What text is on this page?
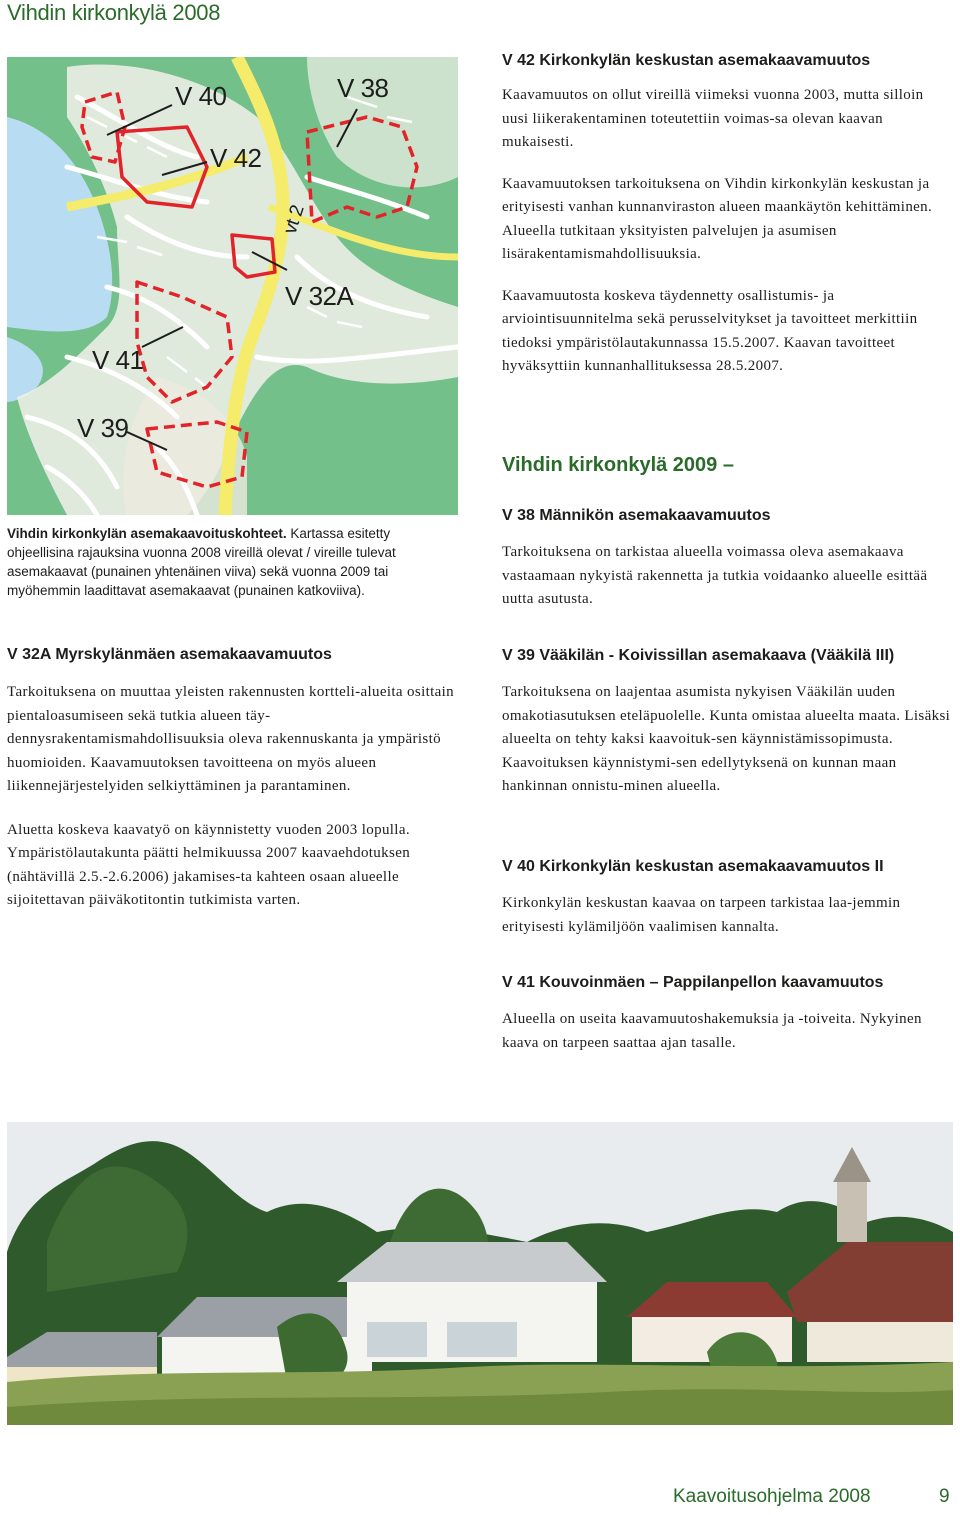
Vihdin kirkonkylä 2008
V 40
V 42
V 38
vt 2
V 32A
V 41
V 39
V 42 Kirkonkylän keskustan asemakaavamuutos

Kaavamuutos on ollut vireillä viimeksi vuonna 2003, mutta silloin uusi liikerakentaminen toteutettiin voimas-sa olevan kaavan mukaisesti.

Kaavamuutoksen tarkoituksena on Vihdin kirkonkylän keskustan ja erityisesti vanhan kunnanviraston alueen maankäytön kehittäminen. Alueella tutkitaan yksityisten palvelujen ja asumisen lisärakentamismahdollisuuksia.

Kaavamuutosta koskeva täydennetty osallistumis- ja arviointisuunnitelma sekä perusselvitykset ja tavoitteet merkittiin tiedoksi ympäristölautakunnassa 15.5.2007. Kaavan tavoitteet hyväksyttiin kunnanhallituksessa 28.5.2007.

Vihdin kirkonkylä 2009 –
V 38 Männikön asemakaavamuutos

Tarkoituksena on tarkistaa alueella voimassa oleva asemakaava vastaamaan nykyistä rakennetta ja tutkia voidaanko alueelle esittää uutta asutusta.

V 39 Vääkilän - Koivissillan asemakaava (Vääkilä III)

Tarkoituksena on laajentaa asumista nykyisen Vääkilän uuden omakotiasutuksen eteläpuolelle. Kunta omistaa alueelta maata. Lisäksi alueelta on tehty kaksi kaavoituk-sen käynnistämissopimusta. Kaavoituksen käynnistymi-sen edellytyksenä on kunnan maan hankinnan onnistu-minen alueella.

V 40 Kirkonkylän keskustan asemakaavamuutos II

Kirkonkylän keskustan kaavaa on tarpeen tarkistaa laa-jemmin erityisesti kylämiljöön vaalimisen kannalta.

V 41 Kouvoinmäen – Pappilanpellon kaavamuutos

Alueella on useita kaavamuutoshakemuksia ja -toiveita. Nykyinen kaava on tarpeen saattaa ajan tasalle.

Vihdin kirkonkylän asemakaavoituskohteet. Kartassa esitetty ohjeellisina rajauksina vuonna 2008 vireillä olevat / vireille tulevat asemakaavat (punainen yhtenäinen viiva) sekä vuonna 2009 tai myöhemmin laadittavat asemakaavat (punainen katkoviiva).

V 32A Myrskylänmäen asemakaavamuutos

Tarkoituksena on muuttaa yleisten rakennusten kortteli-alueita osittain pientaloasumiseen sekä tutkia alueen täy-dennysrakentamismahdollisuuksia oleva rakennuskanta ja ympäristö huomioiden. Kaavamuutoksen tavoitteena on myös alueen liikennejärjestelyiden selkiyttäminen ja parantaminen.

Aluetta koskeva kaavatyö on käynnistetty vuoden 2003 lopulla. Ympäristölautakunta päätti helmikuussa 2007 kaavaehdotuksen (nähtävillä 2.5.-2.6.2006) jakamises-ta kahteen osaan alueelle sijoitettavan päiväkotitontin tutkimista varten.

Kaavoitusohjelma 2008	9
